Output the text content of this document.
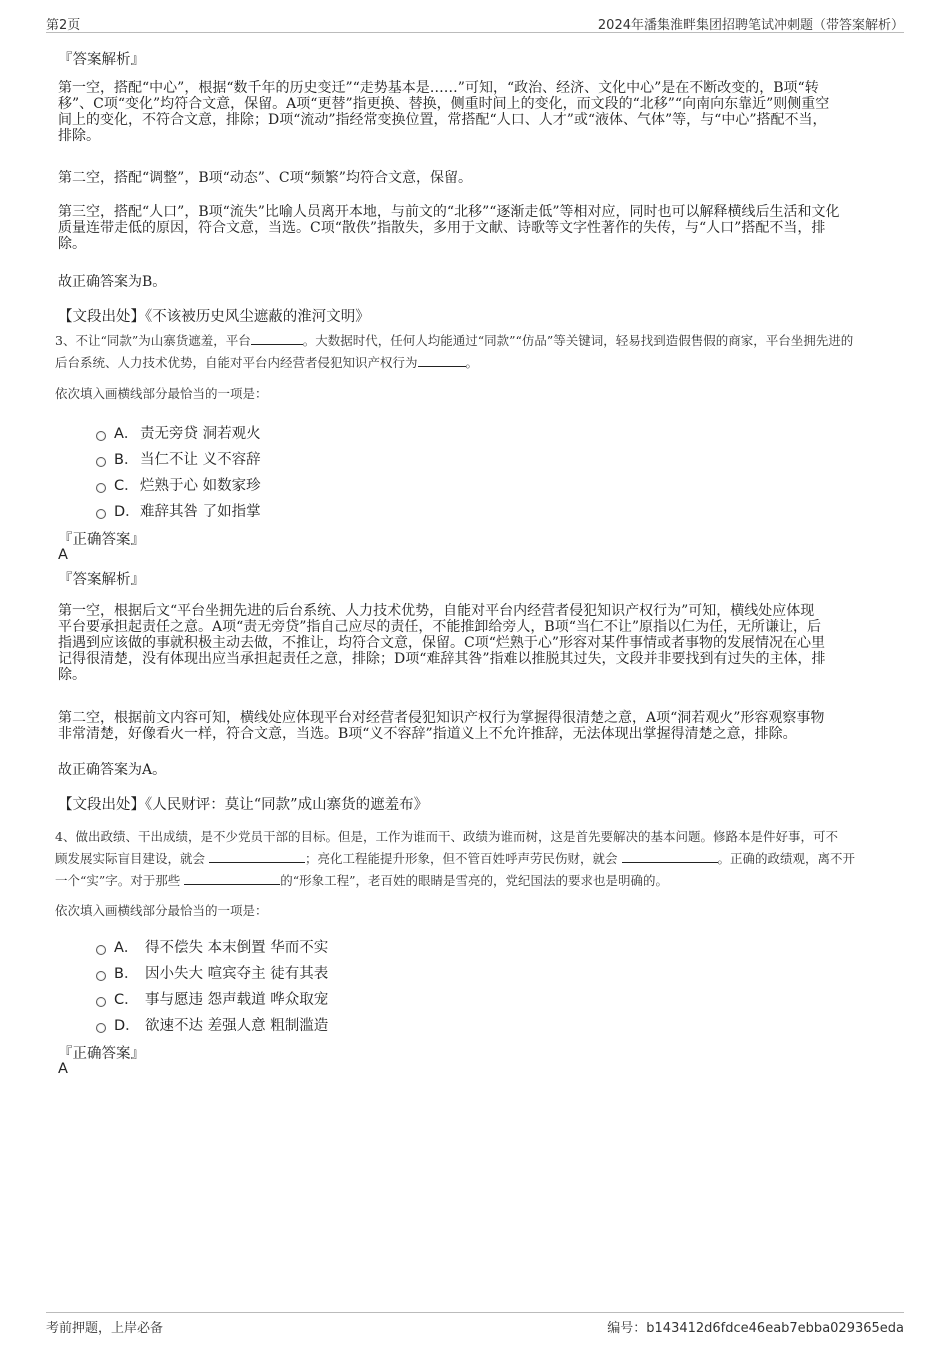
第2页	2024年潘集淮畔集团招聘笔试冲刺题（带答案解析）
『答案解析』
第一空，搭配“中心”，根据“数千年的历史变迁”“走势基本是……”可知，“政治、经济、文化中心”是在不断改变的，B项“转
移”、C项“变化”均符合文意，保留。A项“更替”指更换、替换，侧重时间上的变化，而文段的“北移”“向南向东靠近”则侧重空
间上的变化，不符合文意，排除；D项“流动”指经常变换位置，常搭配“人口、人才”或“液体、气体”等，与“中心”搭配不当，
排除。
第二空，搭配“调整”，B项“动态”、C项“频繁”均符合文意，保留。
第三空，搭配“人口”，B项“流失”比喻人员离开本地，与前文的“北移”“逐渐走低”等相对应，同时也可以解释横线后生活和文化
质量连带走低的原因，符合文意，当选。C项“散佚”指散失，多用于文献、诗歌等文字性著作的失传，与“人口”搭配不当，排
除。
故正确答案为B。
【文段出处】《不该被历史风尘遮蔽的淮河文明》
3、不让“同款”为山寨货遮羞，平台	。大数据时代，任何人均能通过“同款”“仿品”等关键词，轻易找到造假售假的商家，平台坐拥先进的
后台系统、人力技术优势，自能对平台内经营者侵犯知识产权行为	。
依次填入画横线部分最恰当的一项是：
A． 责无旁贷 洞若观火
B． 当仁不让 义不容辞
C． 烂熟于心 如数家珍
D． 难辞其咎 了如指掌
『正确答案』
A
『答案解析』
第一空，根据后文“平台坐拥先进的后台系统、人力技术优势，自能对平台内经营者侵犯知识产权行为”可知，横线处应体现
平台要承担起责任之意。A项“责无旁贷”指自己应尽的责任，不能推卸给旁人，B项“当仁不让”原指以仁为任，无所谦让，后
指遇到应该做的事就积极主动去做，不推让，均符合文意，保留。C项“烂熟于心”形容对某件事情或者事物的发展情况在心里
记得很清楚，没有体现出应当承担起责任之意，排除；D项“难辞其咎”指难以推脱其过失，文段并非要找到有过失的主体，排
除。
第二空，根据前文内容可知，横线处应体现平台对经营者侵犯知识产权行为掌握得很清楚之意，A项“洞若观火”形容观察事物
非常清楚，好像看火一样，符合文意，当选。B项“义不容辞”指道义上不允许推辞，无法体现出掌握得清楚之意，排除。
故正确答案为A。
【文段出处】《人民财评：莫让“同款”成山寨货的遮羞布》
4、做出政绩、干出成绩，是不少党员干部的目标。但是，工作为谁而干、政绩为谁而树，这是首先要解决的基本问题。修路本是件好事，可不
顾发展实际盲目建设，就会	；亮化工程能提升形象，但不管百姓呼声劳民伤财，就会	。正确的政绩观，离不开
一个“实”字。对于那些	的“形象工程”，老百姓的眼睛是雪亮的，党纪国法的要求也是明确的。
依次填入画横线部分最恰当的一项是：
A． 得不偿失 本末倒置 华而不实
B． 因小失大 喧宾夺主 徒有其表
C． 事与愿违 怨声载道 哗众取宠
D． 欲速不达 差强人意 粗制滥造
『正确答案』
A
考前押题，上岸必备	编号：b143412d6fdce46eab7ebba029365eda
